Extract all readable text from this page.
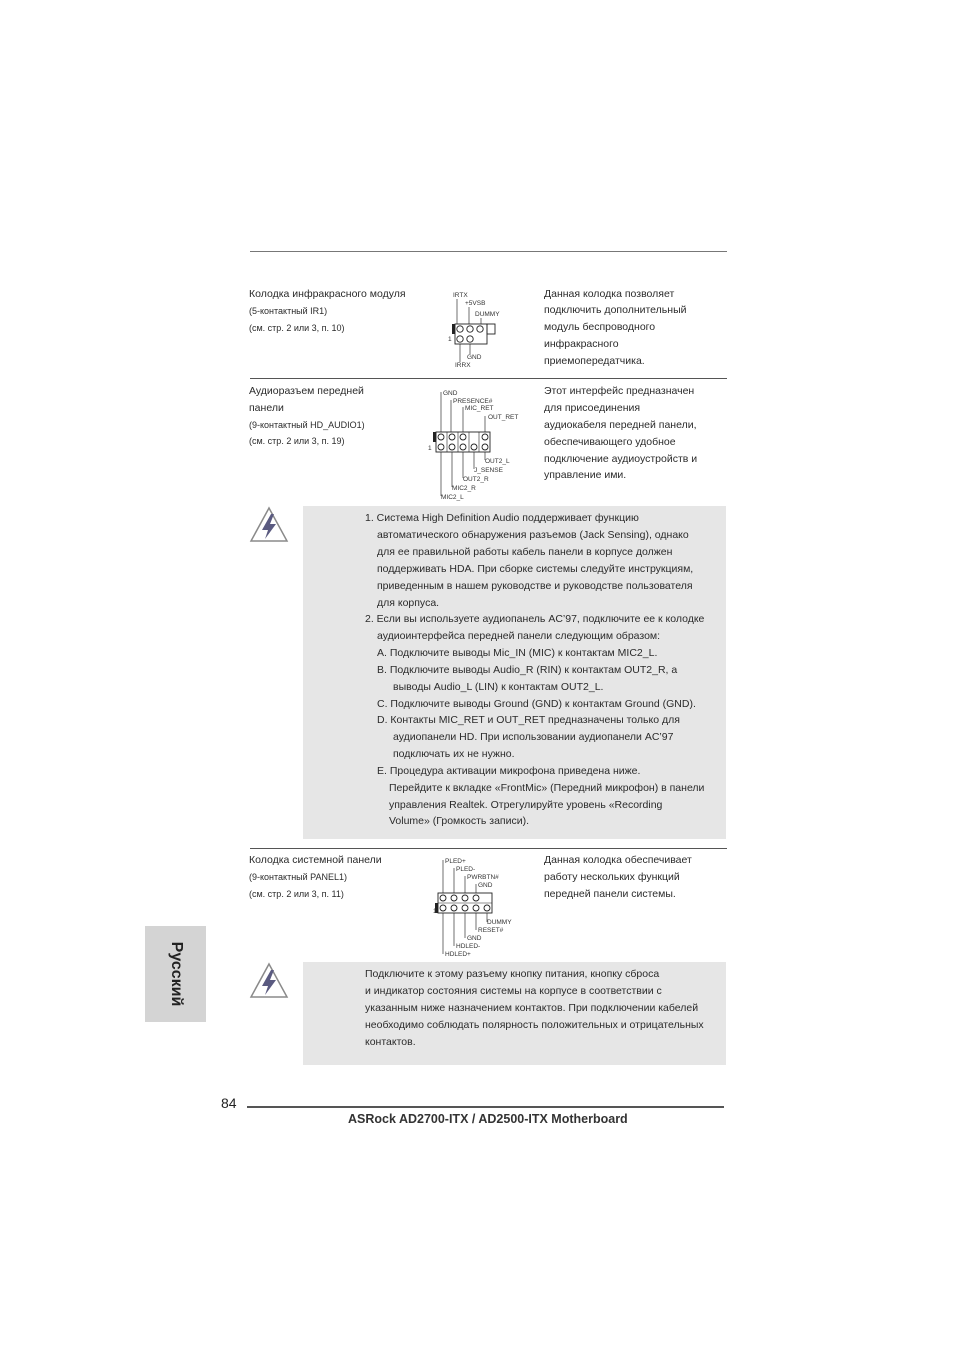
Колодка инфракрасного модуля
(5-контактный IR1)
(см. стр. 2 или 3, п. 10)
IRTX
+5VSB
DUMMY
1
GND
IRRX
Данная колодка позволяет
подключить дополнительный
модуль беспроводного
инфракрасного
приемопередатчика.
Аудиоразъем передней
панели
(9-контактный HD_AUDIO1)
(см. стр. 2 или 3, п. 19)
GND
PRESENCE#
MIC_RET
OUT_RET
1
OUT2_L
J_SENSE
OUT2_R
MIC2_R
MIC2_L
Этот интерфейс предназначен
для присоединения
аудиокабеля передней панели,
обеспечивающего удобное
подключение аудиоустройств и
управление ими.
1. Система High Definition Audio поддерживает функцию
автоматического обнаружения разъемов (Jack Sensing), однако
для ее правильной работы кабель панели в корпусе должен
поддерживать HDA. При сборке системы следуйте инструкциям,
приведенным в нашем руководстве и руководстве пользователя
для корпуса.
2. Если вы используете аудиопанель AC’97, подключите ее к колодке
аудиоинтерфейса передней панели следующим образом:
A. Подключите выводы Mic_IN (MIC) к контактам MIC2_L.
B. Подключите выводы Audio_R (RIN) к контактам OUT2_R, а
выводы Audio_L (LIN) к контактам OUT2_L.
C. Подключите выводы Ground (GND) к контактам Ground (GND).
D. Контакты MIC_RET и OUT_RET предназначены только для
аудиопанели HD. При использовании аудиопанели AC’97
подключать их не нужно.
E. Процедура активации микрофона приведена ниже.
Перейдите к вкладке «FrontMic» (Передний микрофон) в панели
управления Realtek. Отрегулируйте уровень «Recording
Volume» (Громкость записи).
Колодка системной панели
(9-контактный PANEL1)
(см. стр. 2 или 3, п. 11)
PLED+
PLED-
PWRBTN#
GND
1
DUMMY
RESET#
GND
HDLED-
HDLED+
Данная колодка обеспечивает
работу нескольких функций
передней панели системы.
Подключите к этому разъему кнопку питания, кнопку сброса
и индикатор состояния системы на корпусе в соответствии с
указанным ниже назначением контактов. При подключении кабелей
необходимо соблюдать полярность положительных и отрицательных
контактов.
Русский
84
ASRock AD2700-ITX / AD2500-ITX Motherboard
